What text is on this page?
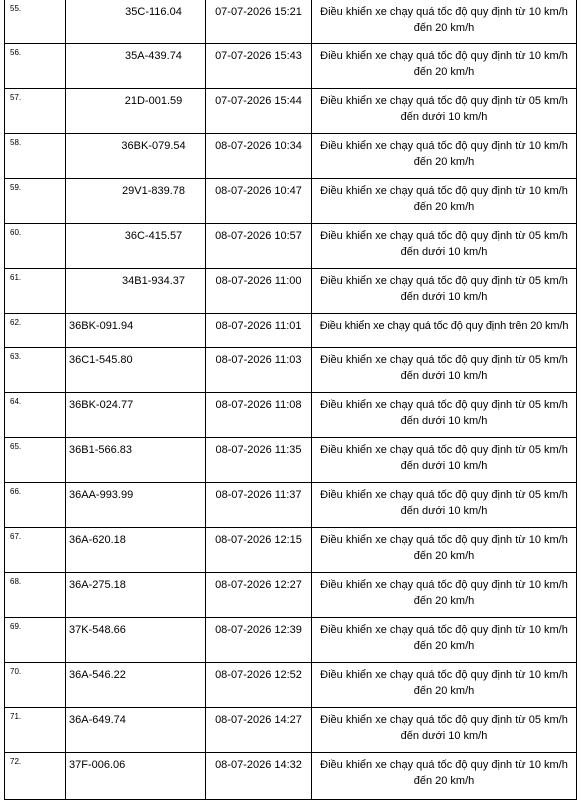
55.	35C-116.04	07-07-2026 15:21	Điều khiển xe chạy quá tốc độ quy định từ 10 km/h đến 20 km/h
56.	35A-439.74	07-07-2026 15:43	Điều khiển xe chạy quá tốc độ quy định từ 10 km/h đến 20 km/h
57.	21D-001.59	07-07-2026 15:44	Điều khiển xe chạy quá tốc độ quy định từ 05 km/h đến dưới 10 km/h
58.	36BK-079.54	08-07-2026 10:34	Điều khiển xe chạy quá tốc độ quy định từ 10 km/h đến 20 km/h
59.	29V1-839.78	08-07-2026 10:47	Điều khiển xe chạy quá tốc độ quy định từ 10 km/h đến 20 km/h
60.	36C-415.57	08-07-2026 10:57	Điều khiển xe chạy quá tốc độ quy định từ 05 km/h đến dưới 10 km/h
61.	34B1-934.37	08-07-2026 11:00	Điều khiển xe chạy quá tốc độ quy định từ 05 km/h đến dưới 10 km/h
62.	36BK-091.94	08-07-2026 11:01	Điều khiển xe chạy quá tốc độ quy định trên 20 km/h
63.	36C1-545.80	08-07-2026 11:03	Điều khiển xe chạy quá tốc độ quy định từ 05 km/h đến dưới 10 km/h
64.	36BK-024.77	08-07-2026 11:08	Điều khiển xe chạy quá tốc độ quy định từ 05 km/h đến dưới 10 km/h
65.	36B1-566.83	08-07-2026 11:35	Điều khiển xe chạy quá tốc độ quy định từ 05 km/h đến dưới 10 km/h
66.	36AA-993.99	08-07-2026 11:37	Điều khiển xe chạy quá tốc độ quy định từ 05 km/h đến dưới 10 km/h
67.	36A-620.18	08-07-2026 12:15	Điều khiển xe chạy quá tốc độ quy định từ 10 km/h đến 20 km/h
68.	36A-275.18	08-07-2026 12:27	Điều khiển xe chạy quá tốc độ quy định từ 10 km/h đến 20 km/h
69.	37K-548.66	08-07-2026 12:39	Điều khiển xe chạy quá tốc độ quy định từ 10 km/h đến 20 km/h
70.	36A-546.22	08-07-2026 12:52	Điều khiển xe chạy quá tốc độ quy định từ 10 km/h đến 20 km/h
71.	36A-649.74	08-07-2026 14:27	Điều khiển xe chạy quá tốc độ quy định từ 05 km/h đến dưới 10 km/h
72.	37F-006.06	08-07-2026 14:32	Điều khiển xe chạy quá tốc độ quy định từ 10 km/h đến 20 km/h
